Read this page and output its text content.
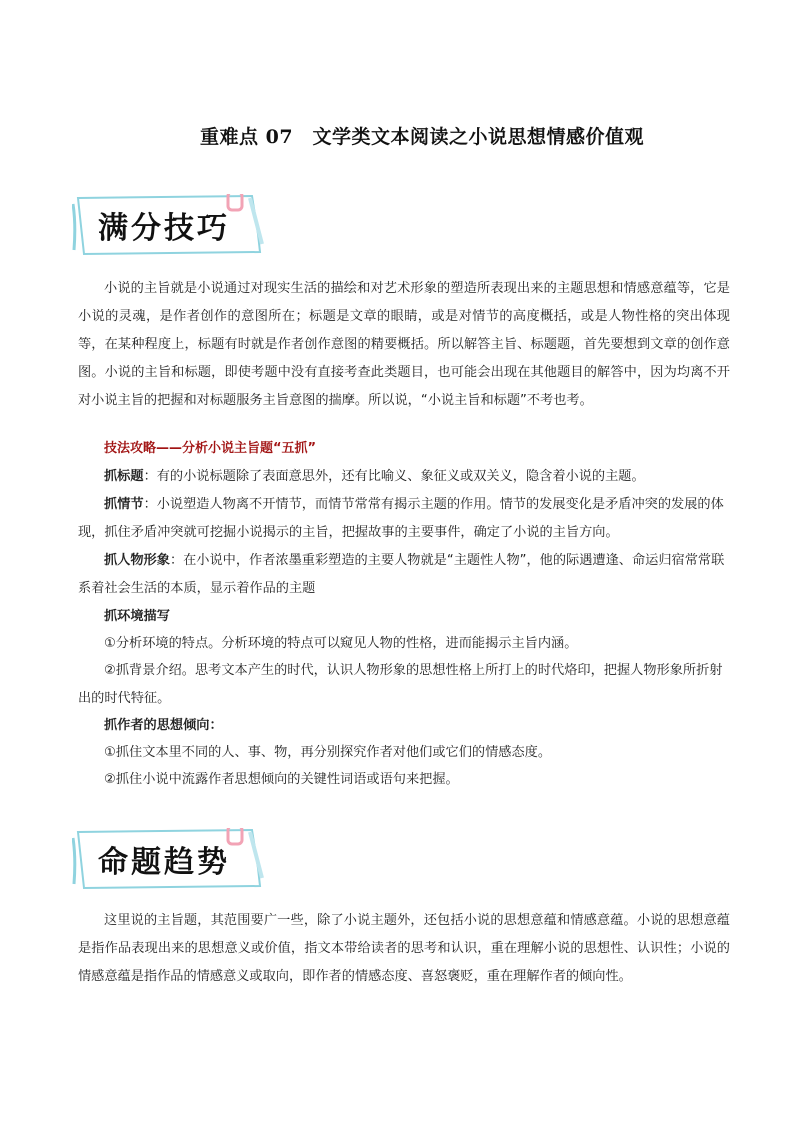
重难点 07　文学类文本阅读之小说思想情感价值观
满分技巧
小说的主旨就是小说通过对现实生活的描绘和对艺术形象的塑造所表现出来的主题思想和情感意蕴等，它是小说的灵魂，是作者创作的意图所在；标题是文章的眼睛，或是对情节的高度概括，或是人物性格的突出体现等，在某种程度上，标题有时就是作者创作意图的精要概括。所以解答主旨、标题题，首先要想到文章的创作意图。小说的主旨和标题，即使考题中没有直接考查此类题目，也可能会出现在其他题目的解答中，因为均离不开对小说主旨的把握和对标题服务主旨意图的揣摩。所以说，“小说主旨和标题”不考也考。
技法攻略——分析小说主旨题“五抓”
抓标题：有的小说标题除了表面意思外，还有比喻义、象征义或双关义，隐含着小说的主题。
抓情节：小说塑造人物离不开情节，而情节常常有揭示主题的作用。情节的发展变化是矛盾冲突的发展的体现，抓住矛盾冲突就可挖掘小说揭示的主旨，把握故事的主要事件，确定了小说的主旨方向。
抓人物形象：在小说中，作者浓墨重彩塑造的主要人物就是“主题性人物”，他的际遇遭逢、命运归宿常常联系着社会生活的本质，显示着作品的主题
抓环境描写
①分析环境的特点。分析环境的特点可以窥见人物的性格，进而能揭示主旨内涵。
②抓背景介绍。思考文本产生的时代，认识人物形象的思想性格上所打上的时代烙印，把握人物形象所折射出的时代特征。
抓作者的思想倾向：
①抓住文本里不同的人、事、物，再分别探究作者对他们或它们的情感态度。
②抓住小说中流露作者思想倾向的关键性词语或语句来把握。
命题趋势
这里说的主旨题，其范围要广一些，除了小说主题外，还包括小说的思想意蕴和情感意蕴。小说的思想意蕴是指作品表现出来的思想意义或价值，指文本带给读者的思考和认识，重在理解小说的思想性、认识性；小说的情感意蕴是指作品的情感意义或取向，即作者的情感态度、喜怒褒贬，重在理解作者的倾向性。
